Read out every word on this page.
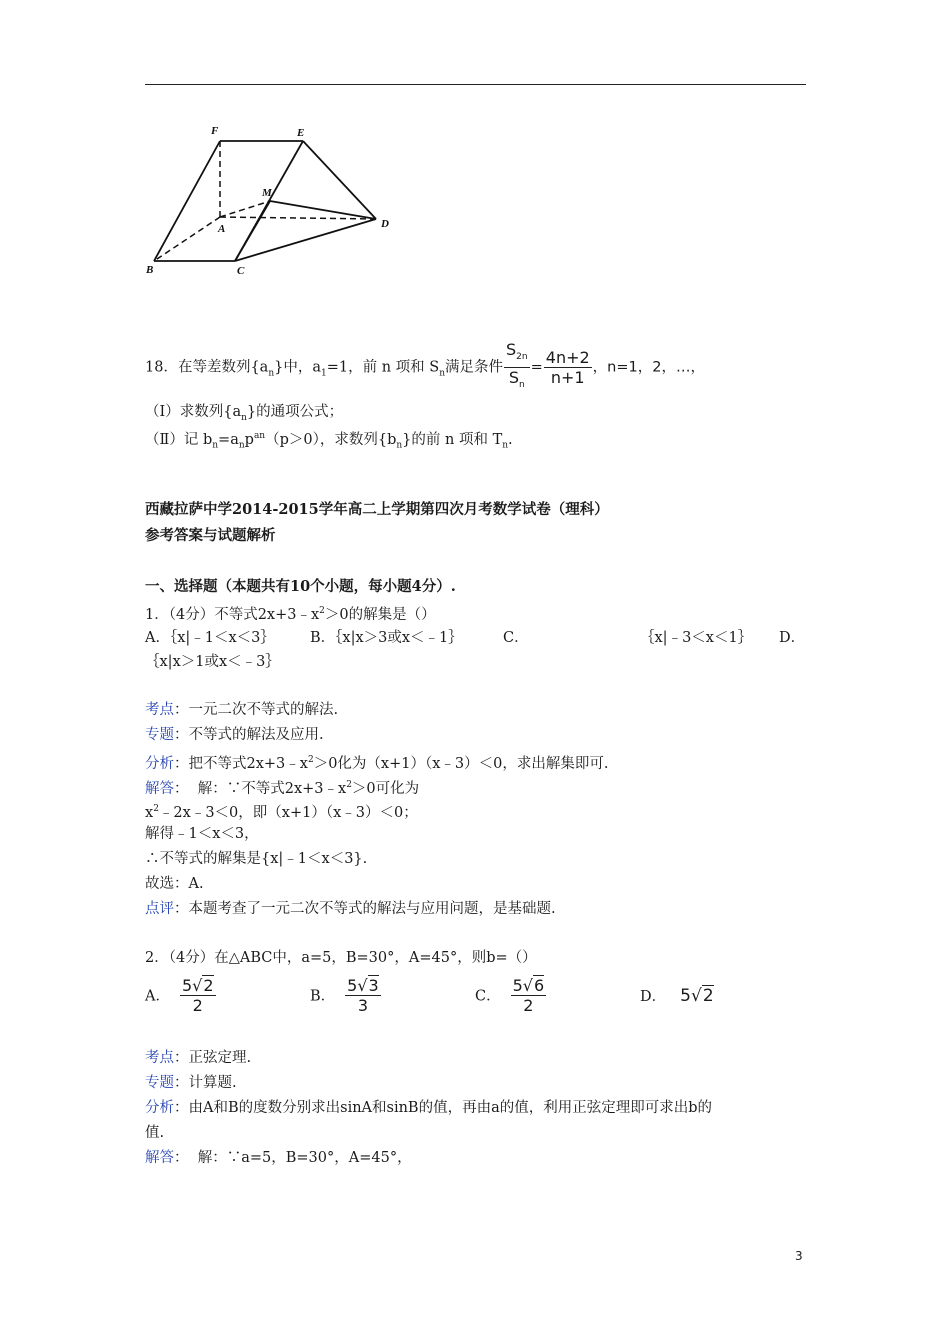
F	E
M
A	D
B	C
18．在等差数列$\{a_n\}$中，$a_1=1$，前 n 项和 $S_n$满足条件 $\frac{S_{2n}}{S_n} = \frac{4n+2}{n+1}$ ，n=1，2，…，
（Ⅰ）求数列$\{a_n\}$的通项公式；
（Ⅱ）记 $b_n=a_np^{an}(p>0)$，求数列$\{b_n\}$的前 n 项和 $T_n$.
西藏拉萨中学2014-2015学年高二上学期第四次月考数学试卷（理科）
参考答案与试题解析
一、选择题（本题共有10个小题，每小题4分）.
1．（4分）不等式$2x+3﹣x^2>0$的解集是（）
A．｛x|﹣1＜x＜3｝ B．｛x|x＞3或x＜﹣1｝	C．	｛x|﹣3＜x＜1｝ D．
｛x|x＞1或x＜﹣3｝
考点：一元二次不等式的解法.
专题：不等式的解法及应用.
分析：把不等式$2x+3﹣x^2>0$化为（x+1）（x﹣3）＜0，求出解集即可.
解答：  解：∵不等式$2x+3﹣x^2>0$可化为
$x^2﹣2x﹣3<0$，即（x+1）（x﹣3）＜0；
解得﹣1＜x＜3，
∴不等式的解集是{x|﹣1＜x＜3}.
故选：A.
点评：本题考查了一元二次不等式的解法与应用问题，是基础题.
2．（4分）在△ABC中，a=5，B=30°，A=45°，则b=（）
A． $\frac{5√2}{2}$	B． $\frac{5√3}{3}$	C． $\frac{5√6}{2}$	D． 5√2
考点：正弦定理.
专题：计算题.
分析：由A和B的度数分别求出sinA和sinB的值，再由a的值，利用正弦定理即可求出b的
值.
解答：  解：∵a=5，B=30°，A=45°，
3
